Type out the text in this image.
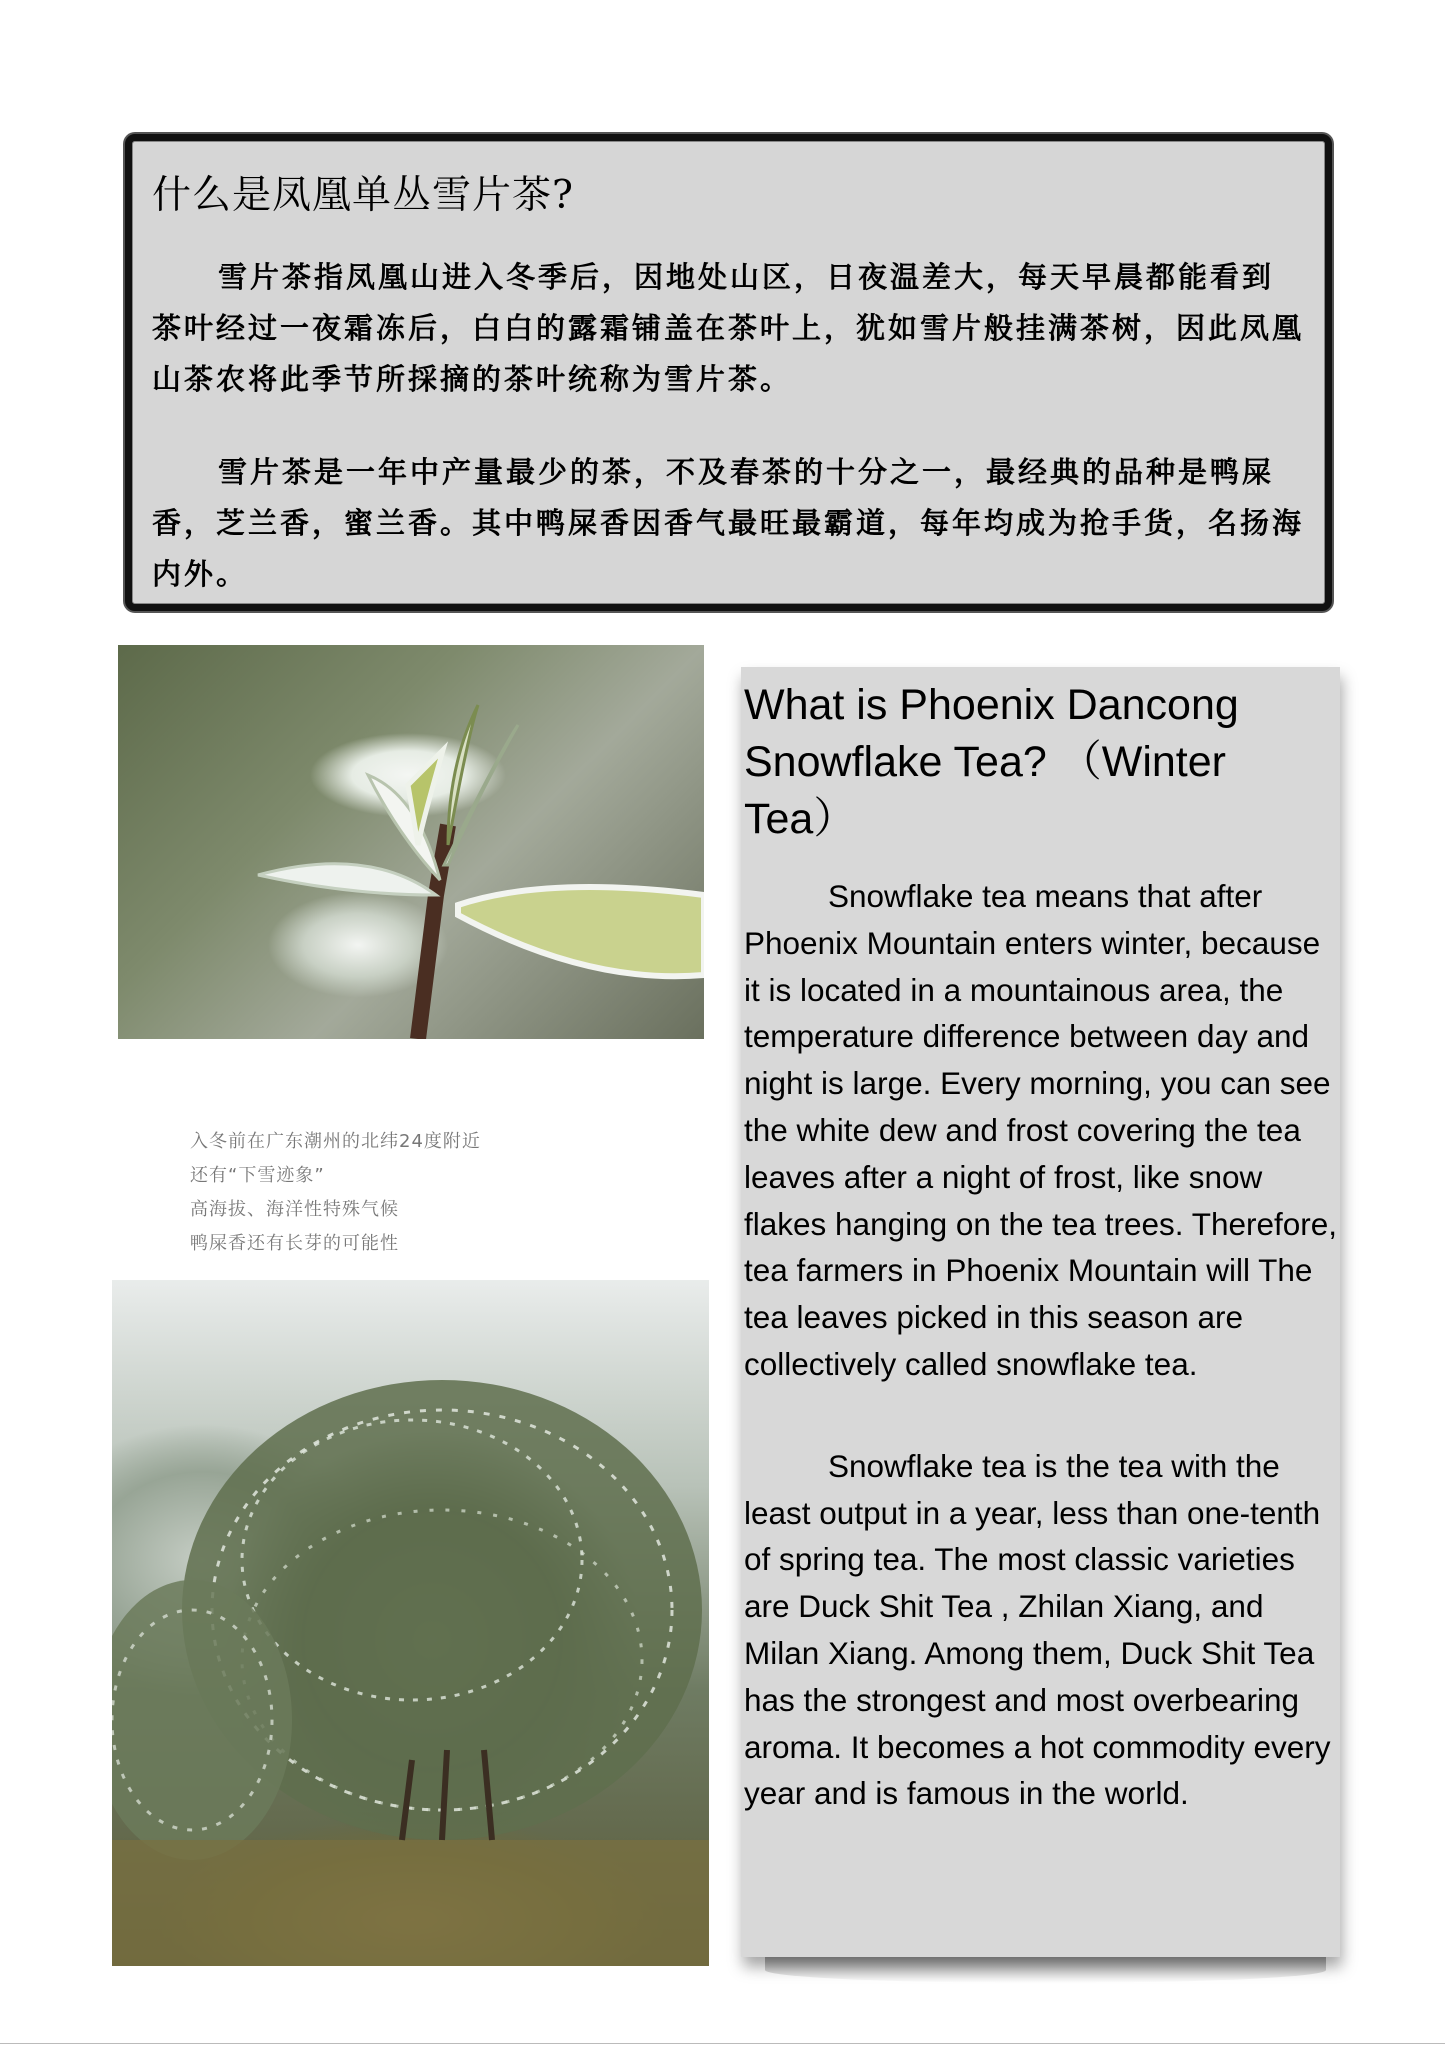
什么是凤凰单丛雪片茶?

雪片茶指凤凰山进入冬季后，因地处山区，日夜温差大，每天早晨都能看到茶叶经过一夜霜冻后，白白的露霜铺盖在茶叶上，犹如雪片般挂满茶树，因此凤凰山茶农将此季节所採摘的茶叶统称为雪片茶。

雪片茶是一年中产量最少的茶，不及春茶的十分之一，最经典的品种是鸭屎香，芝兰香，蜜兰香。其中鸭屎香因香气最旺最霸道，每年均成为抢手货，名扬海内外。

入冬前在广东潮州的北纬24度附近
还有“下雪迹象”
高海拔、海洋性特殊气候
鸭屎香还有长芽的可能性
What is Phoenix Dancong
Snowflake Tea? （Winter
Tea）

Snowflake tea means that after Phoenix Mountain enters winter, because it is located in a mountainous area, the temperature difference between day and night is large. Every morning, you can see the white dew and frost covering the tea leaves after a night of frost, like snow flakes hanging on the tea trees. Therefore, tea farmers in Phoenix Mountain will The tea leaves picked in this season are collectively called snowflake tea.

Snowflake tea is the tea with the least output in a year, less than one-tenth of spring tea. The most classic varieties are Duck Shit Tea , Zhilan Xiang, and Milan Xiang. Among them, Duck Shit Tea has the strongest and most overbearing aroma. It becomes a hot commodity every year and is famous in the world.
